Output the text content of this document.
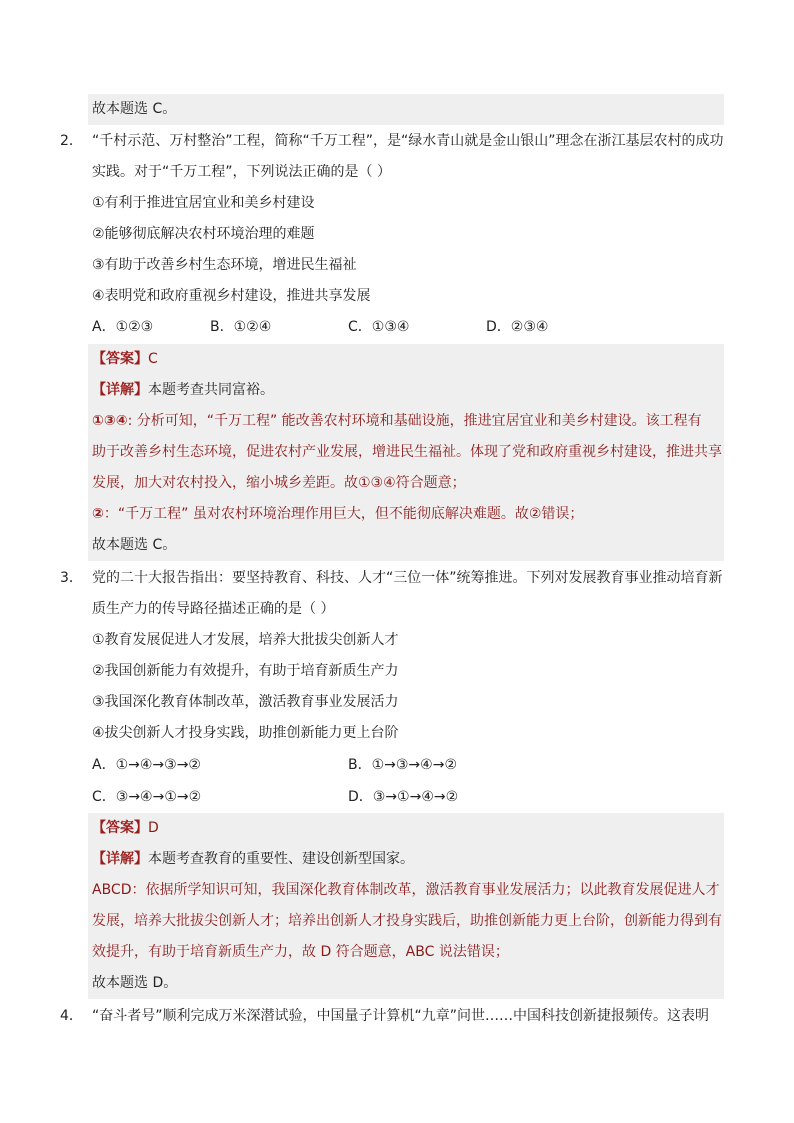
故本题选 C。
2． “千村示范、万村整治”工程，简称“千万工程”，是“绿水青山就是金山银山”理念在浙江基层农村的成功
实践。对于“千万工程”，下列说法正确的是（ ）
①有利于推进宜居宜业和美乡村建设
②能够彻底解决农村环境治理的难题
③有助于改善乡村生态环境，增进民生福祉
④表明党和政府重视乡村建设，推进共享发展
A．①②③	B．①②④	C．①③④	D．②③④
【答案】C
【详解】本题考查共同富裕。
①③④: 分析可知，“千万工程” 能改善农村环境和基础设施，推进宜居宜业和美乡村建设。该工程有
助于改善乡村生态环境，促进农村产业发展，增进民生福祉。体现了党和政府重视乡村建设，推进共享
发展，加大对农村投入，缩小城乡差距。故①③④符合题意；
②：“千万工程” 虽对农村环境治理作用巨大，但不能彻底解决难题。故②错误；
故本题选 C。
3． 党的二十大报告指出：要坚持教育、科技、人才“三位一体”统筹推进。下列对发展教育事业推动培育新
质生产力的传导路径描述正确的是（ ）
①教育发展促进人才发展，培养大批拔尖创新人才
②我国创新能力有效提升，有助于培育新质生产力
③我国深化教育体制改革，激活教育事业发展活力
④拔尖创新人才投身实践，助推创新能力更上台阶
A．①→④→③→②	B．①→③→④→②
C．③→④→①→②	D．③→①→④→②
【答案】D
【详解】本题考查教育的重要性、建设创新型国家。
ABCD：依据所学知识可知，我国深化教育体制改革，激活教育事业发展活力；以此教育发展促进人才
发展，培养大批拔尖创新人才；培养出创新人才投身实践后，助推创新能力更上台阶，创新能力得到有
效提升，有助于培育新质生产力，故 D 符合题意，ABC 说法错误；
故本题选 D。
4． “奋斗者号”顺利完成万米深潜试验，中国量子计算机“九章”问世……中国科技创新捷报频传。这表明
